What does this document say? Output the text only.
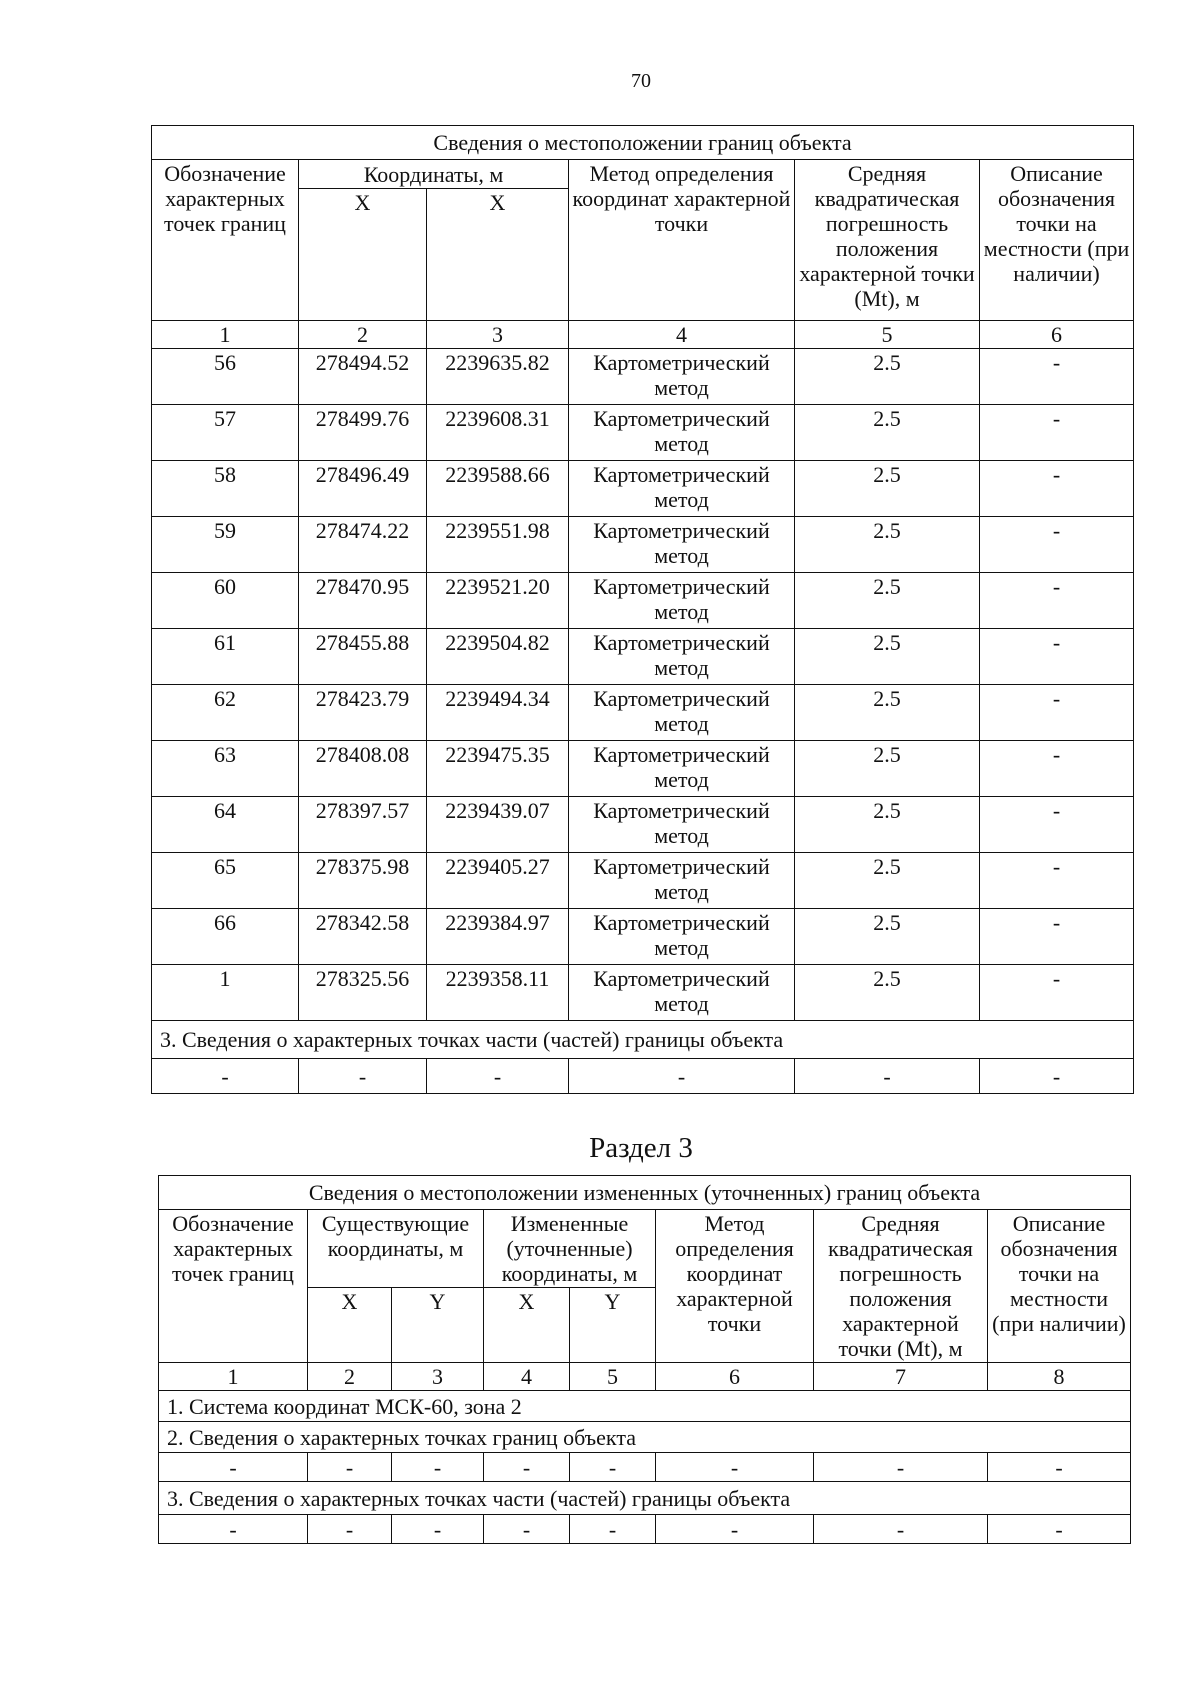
70
Сведения о местоположении границ объекта					
Обозначение характерных точек границ	Координаты, м		Метод определения координат характерной точки	Средняя квадратическая погрешность положения характерной точки (Mt), м	Описание обозначения точки на местности (при наличии)
	X	X			
1	2	3	4	5	6
56	278494.52	2239635.82	Картометрический метод	2.5	-
57	278499.76	2239608.31	Картометрический метод	2.5	-
58	278496.49	2239588.66	Картометрический метод	2.5	-
59	278474.22	2239551.98	Картометрический метод	2.5	-
60	278470.95	2239521.20	Картометрический метод	2.5	-
61	278455.88	2239504.82	Картометрический метод	2.5	-
62	278423.79	2239494.34	Картометрический метод	2.5	-
63	278408.08	2239475.35	Картометрический метод	2.5	-
64	278397.57	2239439.07	Картометрический метод	2.5	-
65	278375.98	2239405.27	Картометрический метод	2.5	-
66	278342.58	2239384.97	Картометрический метод	2.5	-
1	278325.56	2239358.11	Картометрический метод	2.5	-
3. Сведения о характерных точках части (частей) границы объекта					
-	-	-	-	-	-
Раздел 3
Сведения о местоположении измененных (уточненных) границ объекта							
Обозначение характерных точек границ	Существующие координаты, м		Измененные (уточненные) координаты, м		Метод определения координат характерной точки	Средняя квадратическая погрешность положения характерной точки (Mt), м	Описание обозначения точки на местности (при наличии)
	X	Y	X	Y			
1	2	3	4	5	6	7	8
1. Система координат МСК-60, зона 2							
2. Сведения о характерных точках границ объекта							
-	-	-	-	-	-	-	-
3. Сведения о характерных точках части (частей) границы объекта							
-	-	-	-	-	-	-	-
